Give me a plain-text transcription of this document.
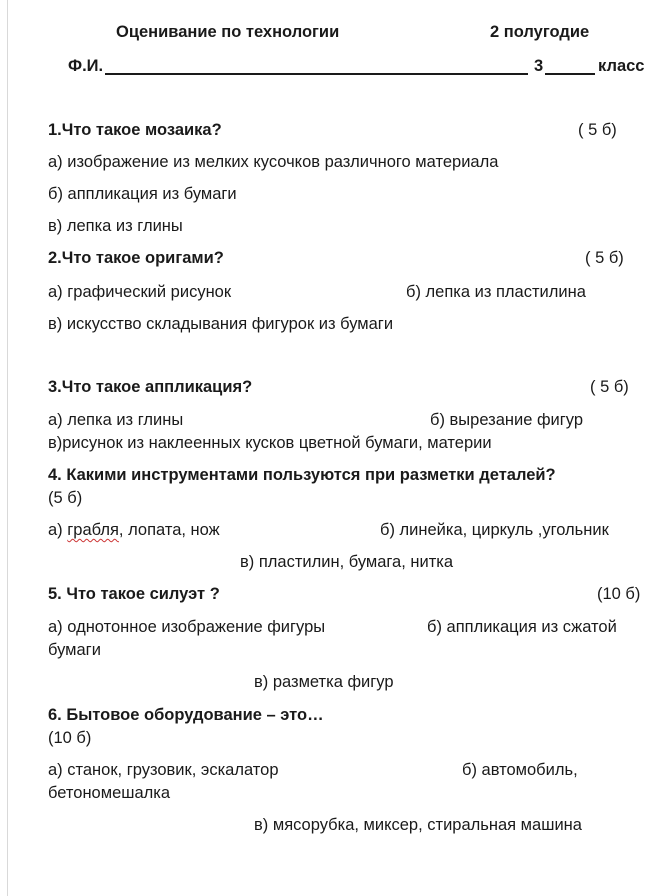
Оценивание по технологии	2 полугодие
Ф.И.	3	класс
1.Что такое мозаика?	( 5 б)
а) изображение из мелких кусочков различного материала
б) аппликация из бумаги
в) лепка из глины
2.Что такое оригами?	( 5 б)
а) графический рисунок	б) лепка из пластилина
в) искусство складывания фигурок из бумаги
3.Что такое аппликация?	( 5 б)
а) лепка из глины	б) вырезание фигур
в)рисунок из наклеенных кусков цветной бумаги, материи
4. Какими инструментами пользуются при разметки деталей?
(5 б)
а) грабля, лопата, нож	б) линейка, циркуль ,угольник
в) пластилин, бумага, нитка
5. Что такое силуэт ?	(10 б)
а) однотонное изображение фигуры	б) аппликация из сжатой
бумаги
в) разметка фигур
6. Бытовое оборудование – это…
(10 б)
а) станок, грузовик, эскалатор	б) автомобиль,
бетономешалка
в) мясорубка, миксер, стиральная машина
